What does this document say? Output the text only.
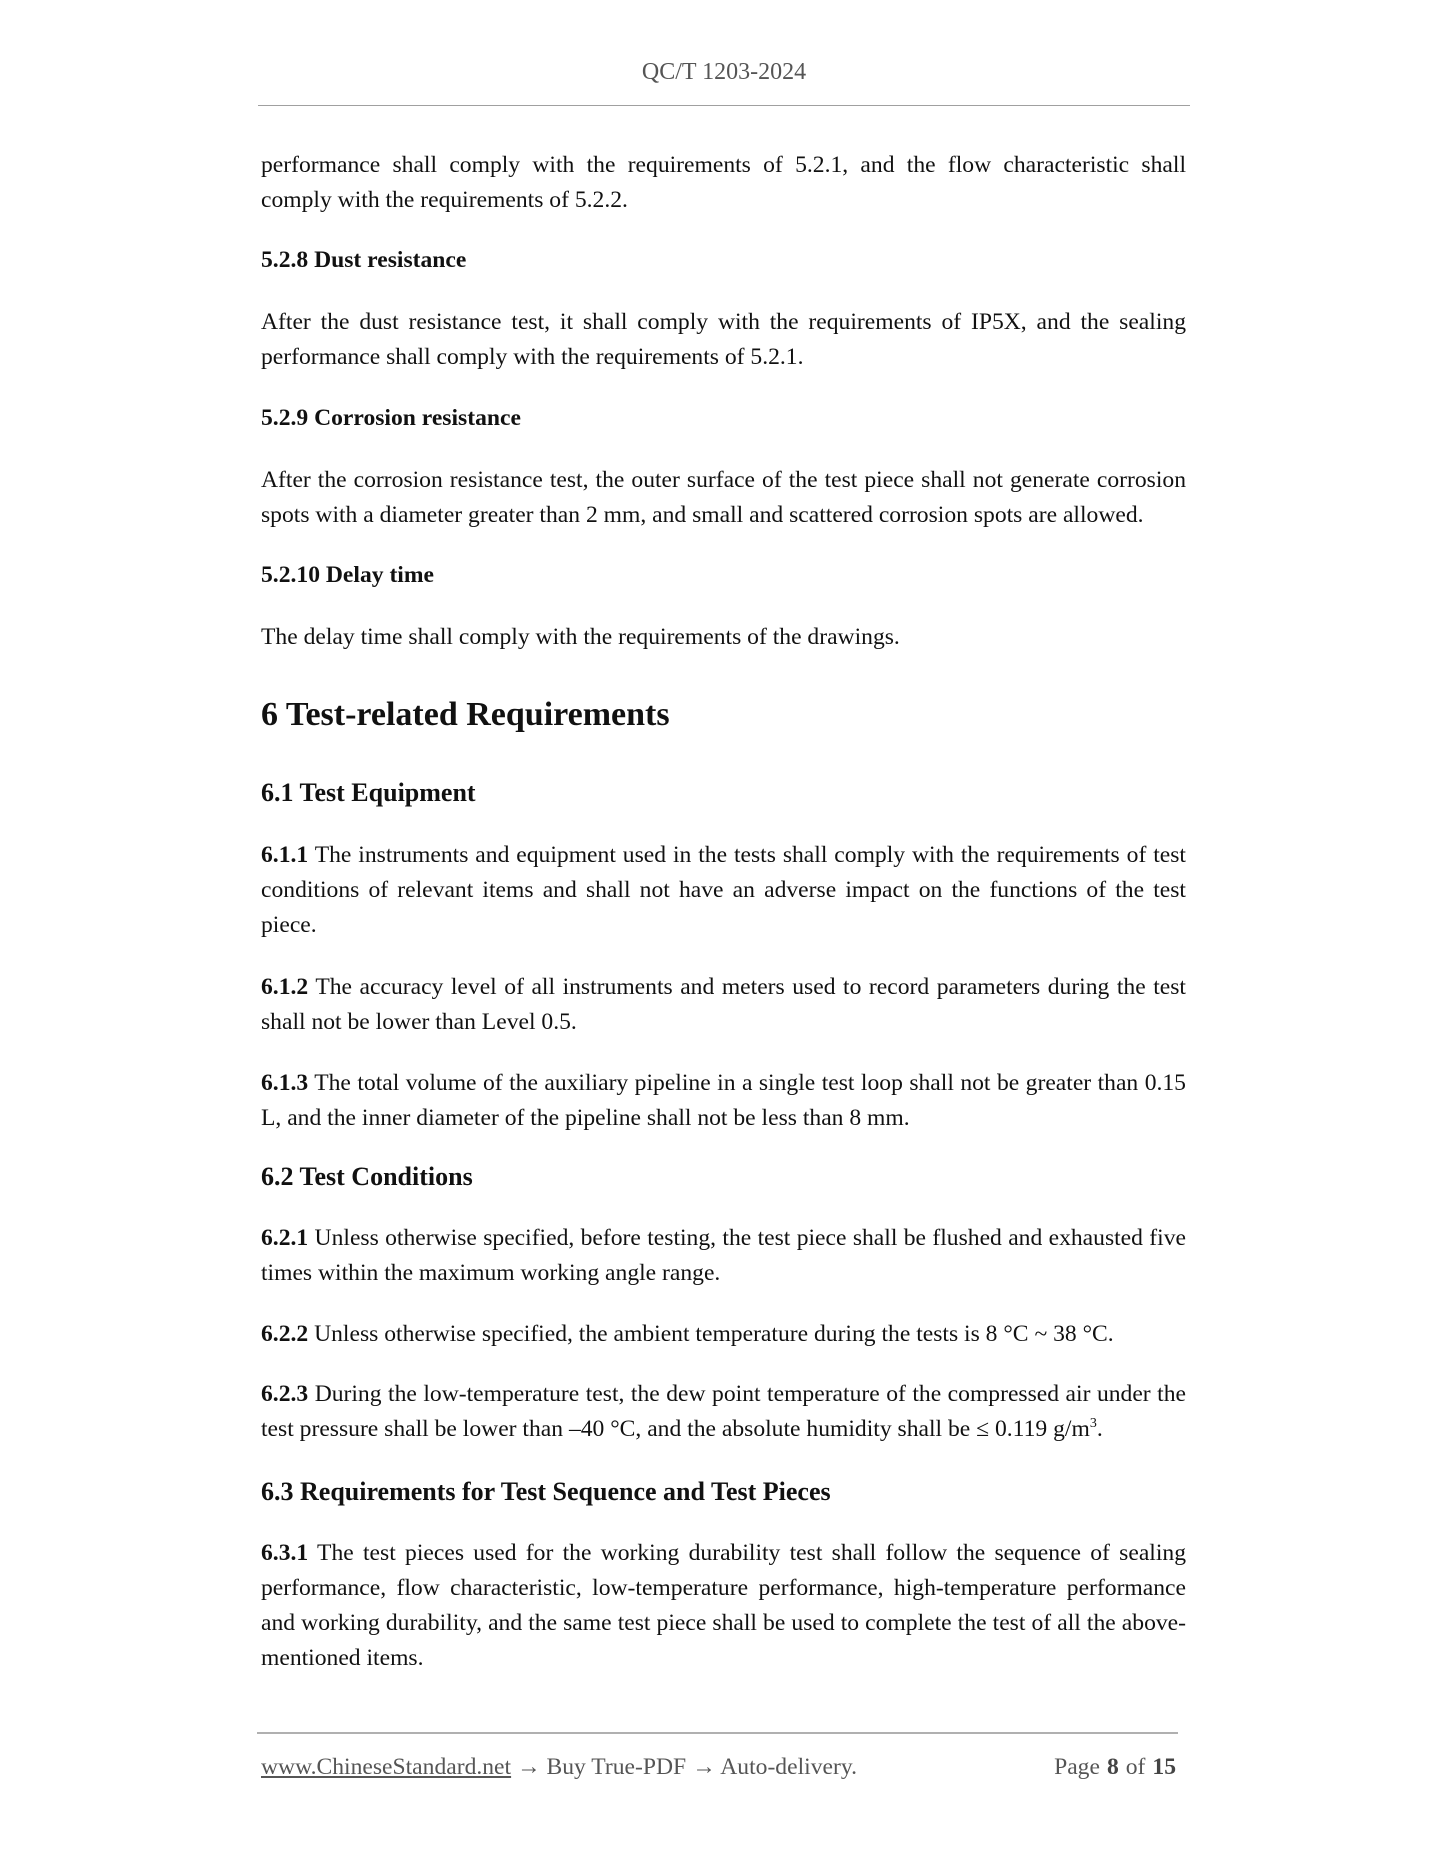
QC/T 1203-2024

performance shall comply with the requirements of 5.2.1, and the flow characteristic shall comply with the requirements of 5.2.2.

5.2.8 Dust resistance

After the dust resistance test, it shall comply with the requirements of IP5X, and the sealing performance shall comply with the requirements of 5.2.1.

5.2.9 Corrosion resistance

After the corrosion resistance test, the outer surface of the test piece shall not generate corrosion spots with a diameter greater than 2 mm, and small and scattered corrosion spots are allowed.

5.2.10 Delay time

The delay time shall comply with the requirements of the drawings.

6 Test-related Requirements
6.1 Test Equipment

6.1.1 The instruments and equipment used in the tests shall comply with the requirements of test conditions of relevant items and shall not have an adverse impact on the functions of the test piece.

6.1.2 The accuracy level of all instruments and meters used to record parameters during the test shall not be lower than Level 0.5.

6.1.3 The total volume of the auxiliary pipeline in a single test loop shall not be greater than 0.15 L, and the inner diameter of the pipeline shall not be less than 8 mm.

6.2 Test Conditions

6.2.1 Unless otherwise specified, before testing, the test piece shall be flushed and exhausted five times within the maximum working angle range.

6.2.2 Unless otherwise specified, the ambient temperature during the tests is 8 °C ~ 38 °C.

6.2.3 During the low-temperature test, the dew point temperature of the compressed air under the test pressure shall be lower than –40 °C, and the absolute humidity shall be ≤ 0.119 $g/m^3$.

6.3 Requirements for Test Sequence and Test Pieces

6.3.1 The test pieces used for the working durability test shall follow the sequence of sealing performance, flow characteristic, low-temperature performance, high-temperature performance and working durability, and the same test piece shall be used to complete the test of all the above-mentioned items.

www.ChineseStandard.net → Buy True-PDF → Auto-delivery.	Page 8 of 15
